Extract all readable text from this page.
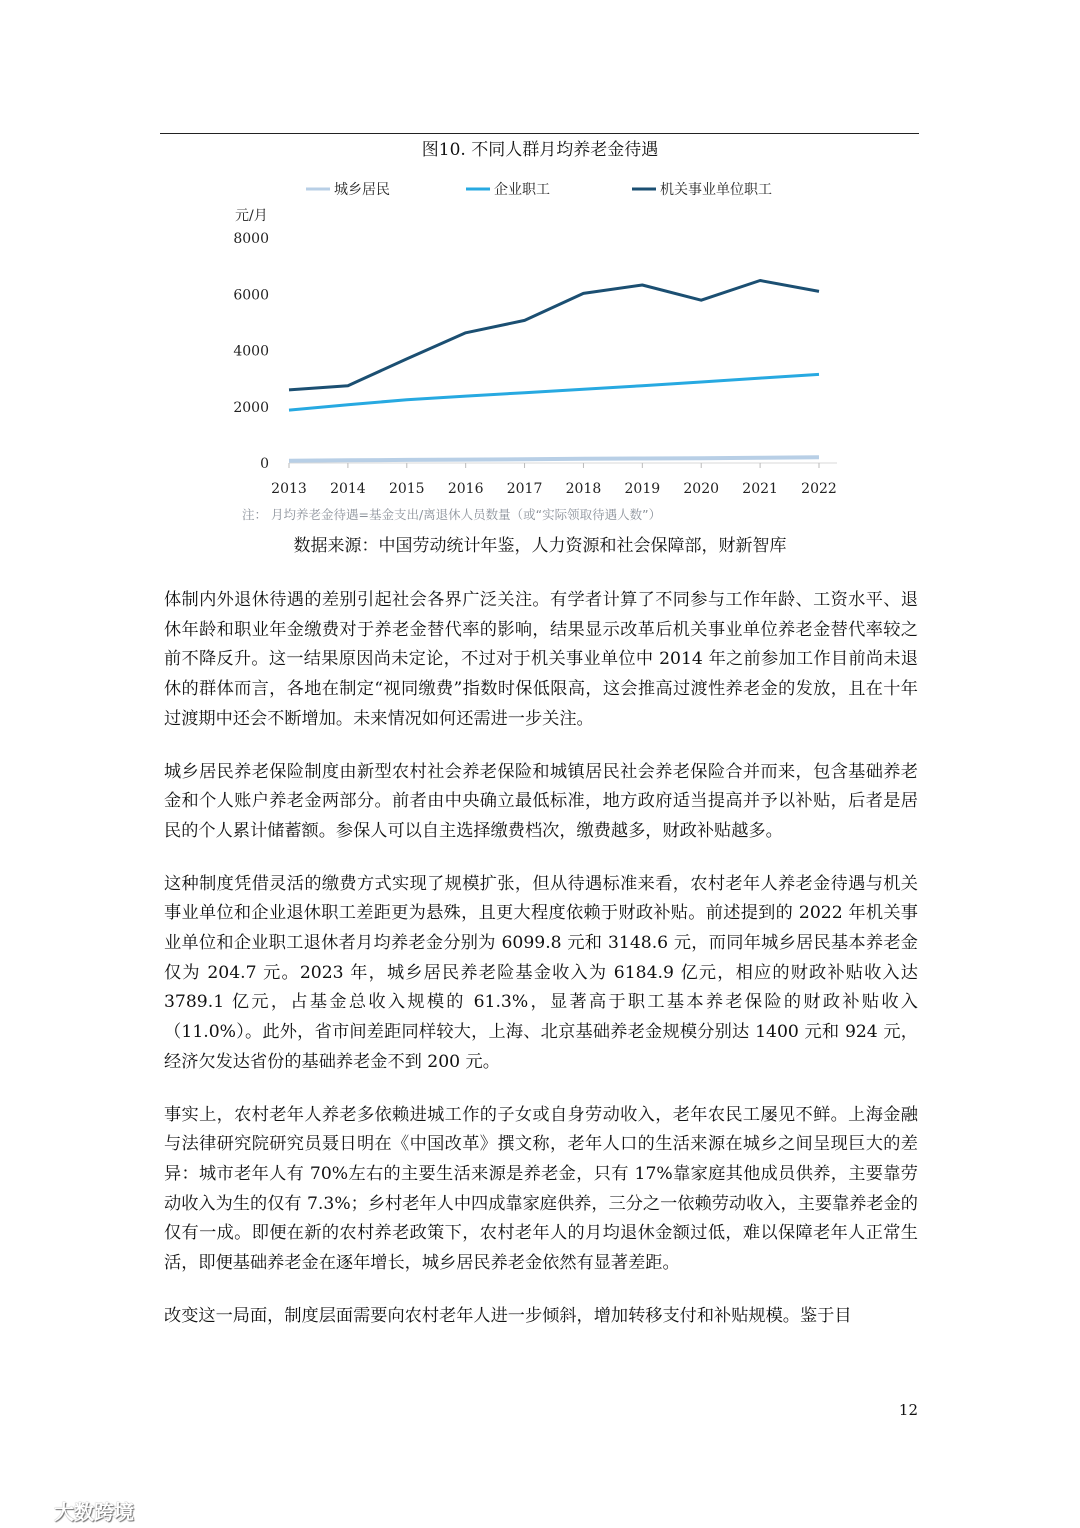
图10. 不同人群月均养老金待遇
城乡居民	企业职工	机关事业单位职工
元/月
0
2000
4000
6000
8000
2013 2014 2015 2016 2017 2018 2019 2020 2021 2022
注： 月均养老金待遇=基金支出/离退休人员数量（或“实际领取待遇人数”）
数据来源：中国劳动统计年鉴，人力资源和社会保障部，财新智库

体制内外退休待遇的差别引起社会各界广泛关注。有学者计算了不同参与工作年龄、工资水平、退休年龄和职业年金缴费对于养老金替代率的影响，结果显示改革后机关事业单位养老金替代率较之前不降反升。这一结果原因尚未定论，不过对于机关事业单位中 2014 年之前参加工作目前尚未退休的群体而言，各地在制定“视同缴费”指数时保低限高，这会推高过渡性养老金的发放，且在十年过渡期中还会不断增加。未来情况如何还需进一步关注。

城乡居民养老保险制度由新型农村社会养老保险和城镇居民社会养老保险合并而来，包含基础养老金和个人账户养老金两部分。前者由中央确立最低标准，地方政府适当提高并予以补贴，后者是居民的个人累计储蓄额。参保人可以自主选择缴费档次，缴费越多，财政补贴越多。

这种制度凭借灵活的缴费方式实现了规模扩张，但从待遇标准来看，农村老年人养老金待遇与机关事业单位和企业退休职工差距更为悬殊，且更大程度依赖于财政补贴。前述提到的 2022 年机关事业单位和企业职工退休者月均养老金分别为 6099.8 元和 3148.6 元，而同年城乡居民基本养老金仅为 204.7 元。2023 年，城乡居民养老险基金收入为 6184.9 亿元，相应的财政补贴收入达 3789.1 亿元，占基金总收入规模的 61.3%，显著高于职工基本养老保险的财政补贴收入（11.0%）。此外，省市间差距同样较大，上海、北京基础养老金规模分别达 1400 元和 924 元，经济欠发达省份的基础养老金不到 200 元。

事实上，农村老年人养老多依赖进城工作的子女或自身劳动收入，老年农民工屡见不鲜。上海金融与法律研究院研究员聂日明在《中国改革》撰文称，老年人口的生活来源在城乡之间呈现巨大的差异：城市老年人有 70%左右的主要生活来源是养老金，只有 17%靠家庭其他成员供养，主要靠劳动收入为生的仅有 7.3%；乡村老年人中四成靠家庭供养，三分之一依赖劳动收入，主要靠养老金的仅有一成。即便在新的农村养老政策下，农村老年人的月均退休金额过低，难以保障老年人正常生活，即便基础养老金在逐年增长，城乡居民养老金依然有显著差距。

改变这一局面，制度层面需要向农村老年人进一步倾斜，增加转移支付和补贴规模。鉴于目

12
大数跨境
